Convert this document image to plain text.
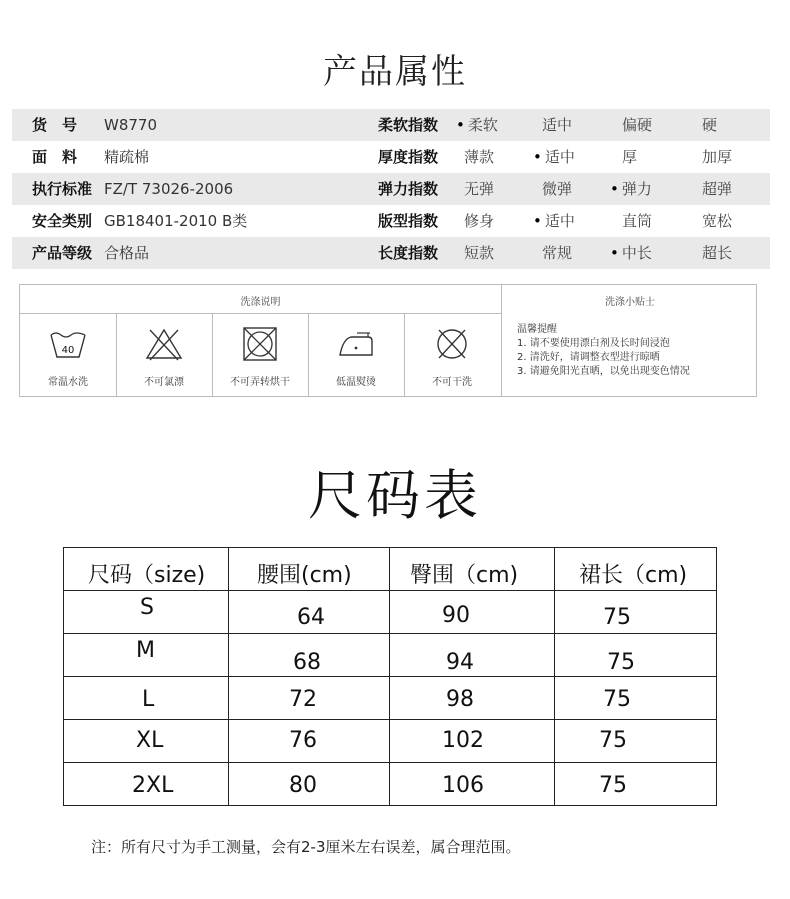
产品属性
货　号 W8770	柔软指数	• 柔软	适中	偏硬	硬
面　料 精疏棉	厚度指数 薄款	• 适中	厚	加厚
执行标准 FZ/T 73026-2006	弹力指数 无弹	微弹	• 弹力	超弹
安全类别 GB18401-2010 B类	版型指数 修身	• 适中	直筒	宽松
产品等级 合格品	长度指数 短款	常规	• 中长	超长
洗涤说明	洗涤小贴士
40
常温水洗	不可氯漂	不可弄转烘干	低温熨烫	不可干洗
温馨提醒
1. 请不要使用漂白剂及长时间浸泡
2. 清洗好，请调整衣型进行晾晒
3. 请避免阳光直晒，以免出现变色情况
尺码表
尺码（size)	腰围(cm)	臀围（cm)	裙长（cm)

S	64	90	75

M	68	94	75

L	72	98	75

XL	76	102	75

2XL	80	106	75
注：所有尺寸为手工测量，会有2-3厘米左右误差，属合理范围。
